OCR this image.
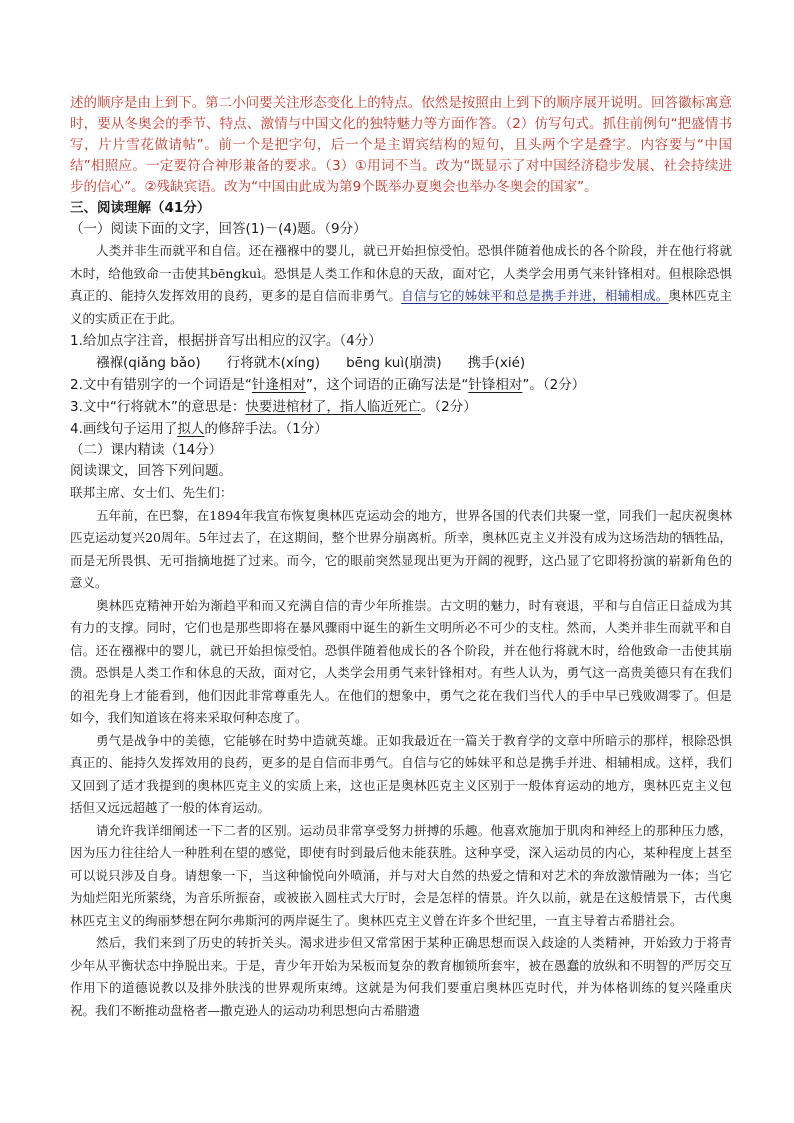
述的顺序是由上到下。第二小问要关注形态变化上的特点。依然是按照由上到下的顺序展开说明。回答徽标寓意时，要从冬奥会的季节、特点、激情与中国文化的独特魅力等方面作答。（2）仿写句式。抓住前例句“把盛情书写，片片雪花做请帖”。前一个是把字句，后一个是主谓宾结构的短句，且头两个字是叠字。内容要与“中国结”相照应。一定要符合神形兼备的要求。（3）①用词不当。改为“既显示了对中国经济稳步发展、社会持续进步的信心”。②残缺宾语。改为“中国由此成为第9个既举办夏奥会也举办冬奥会的国家”。

三、阅读理解（41分）

（一）阅读下面的文字，回答(1)－(4)题。（9分）

人类并非生而就平和自信。还在襁褓中的婴儿，就已开始担惊受怕。恐惧伴随着他成长的各个阶段，并在他行将就木时，给他致命一击使其bēngkuì。恐惧是人类工作和休息的天敌，面对它，人类学会用勇气来针锋相对。但根除恐惧真正的、能持久发挥效用的良药，更多的是自信而非勇气。自信与它的姊妹平和总是携手并进，相辅相成。奥林匹克主义的实质正在于此。

1.给加点字注音，根据拼音写出相应的汉字。（4分）

襁褓(qiǎng bǎo) 行将就木(xíng) bēng kuì(崩溃) 携手(xié)

2.文中有错别字的一个词语是“针逢相对”，这个词语的正确写法是“针锋相对”。（2分）

3.文中“行将就木”的意思是：快要进棺材了，指人临近死亡。（2分）

4.画线句子运用了拟人的修辞手法。（1分）

（二）课内精读（14分）

阅读课文，回答下列问题。

联邦主席、女士们、先生们：

五年前，在巴黎，在1894年我宣布恢复奥林匹克运动会的地方，世界各国的代表们共聚一堂，同我们一起庆祝奥林匹克运动复兴20周年。5年过去了，在这期间，整个世界分崩离析。所幸，奥林匹克主义并没有成为这场浩劫的牺牲品，而是无所畏惧、无可指摘地挺了过来。而今，它的眼前突然显现出更为开阔的视野，这凸显了它即将扮演的崭新角色的意义。

奥林匹克精神开始为渐趋平和而又充满自信的青少年所推崇。古文明的魅力，时有衰退，平和与自信正日益成为其有力的支撑。同时，它们也是那些即将在暴风骤雨中诞生的新生文明所必不可少的支柱。然而，人类并非生而就平和自信。还在襁褓中的婴儿，就已开始担惊受怕。恐惧伴随着他成长的各个阶段，并在他行将就木时，给他致命一击使其崩溃。恐惧是人类工作和休息的天敌，面对它，人类学会用勇气来针锋相对。有些人认为，勇气这一高贵美德只有在我们的祖先身上才能看到，他们因此非常尊重先人。在他们的想象中，勇气之花在我们当代人的手中早已残败凋零了。但是如今，我们知道该在将来采取何种态度了。

勇气是战争中的美德，它能够在时势中造就英雄。正如我最近在一篇关于教育学的文章中所暗示的那样，根除恐惧真正的、能持久发挥效用的良药，更多的是自信而非勇气。自信与它的姊妹平和总是携手并进、相辅相成。这样，我们又回到了适才我提到的奥林匹克主义的实质上来，这也正是奥林匹克主义区别于一般体育运动的地方，奥林匹克主义包括但又远远超越了一般的体育运动。

请允许我详细阐述一下二者的区别。运动员非常享受努力拼搏的乐趣。他喜欢施加于肌肉和神经上的那种压力感，因为压力往往给人一种胜利在望的感觉，即使有时到最后他未能获胜。这种享受，深入运动员的内心，某种程度上甚至可以说只涉及自身。请想象一下，当这种愉悦向外喷涌，并与对大自然的热爱之情和对艺术的奔放激情融为一体；当它为灿烂阳光所萦绕，为音乐所振奋，或被嵌入圆柱式大厅时，会是怎样的情景。许久以前，就是在这般情景下，古代奥林匹克主义的绚丽梦想在阿尔弗斯河的两岸诞生了。奥林匹克主义曾在许多个世纪里，一直主导着古希腊社会。

然后，我们来到了历史的转折关头。渴求进步但又常常困于某种正确思想而误入歧途的人类精神，开始致力于将青少年从平衡状态中挣脱出来。于是，青少年开始为呆板而复杂的教育枷锁所套牢，被在愚蠢的放纵和不明智的严厉交互作用下的道德说教以及排外肤浅的世界观所束缚。这就是为何我们要重启奥林匹克时代，并为体格训练的复兴隆重庆祝。我们不断推动盘格者—撒克逊人的运动功利思想向古希腊遗
